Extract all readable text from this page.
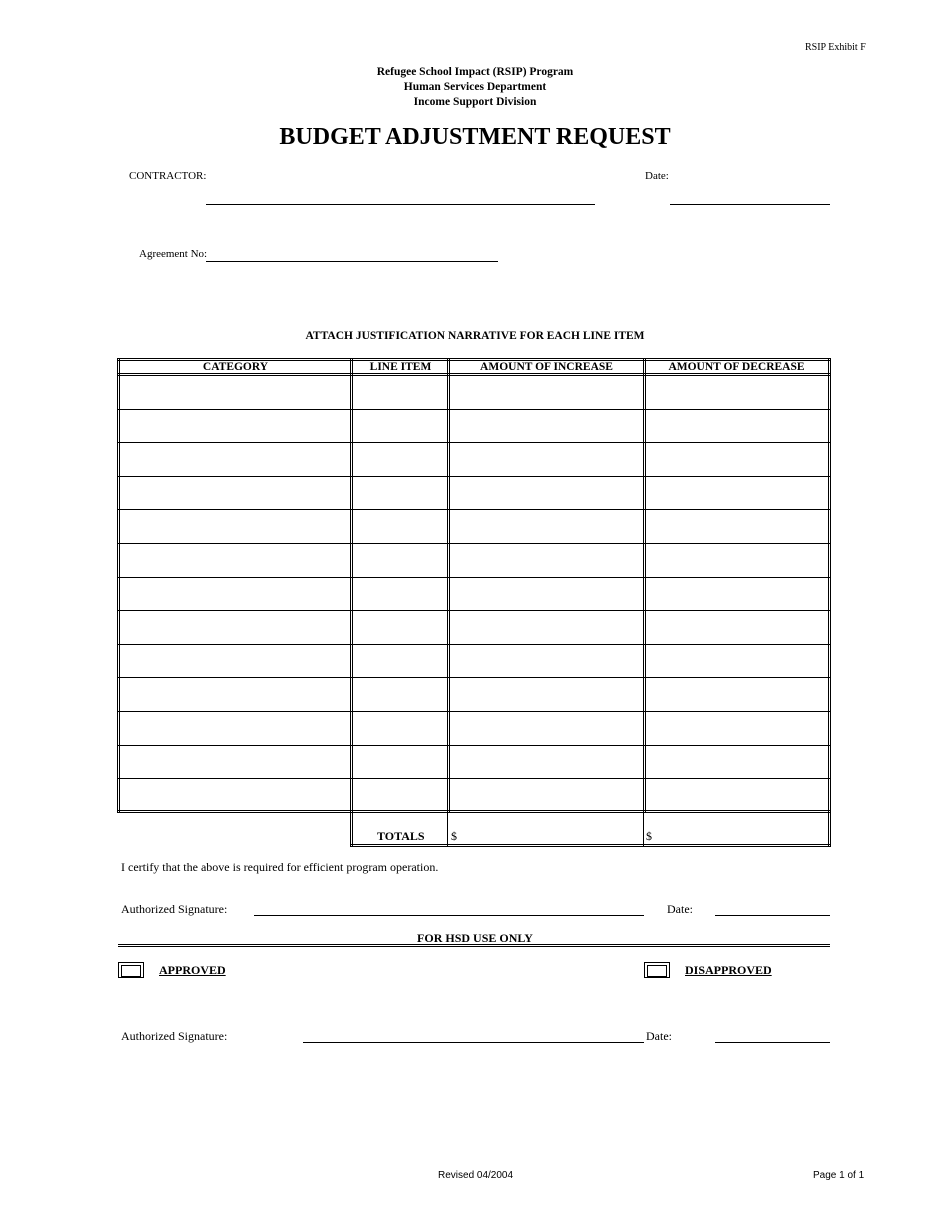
RSIP Exhibit F
Refugee School Impact (RSIP) Program
Human Services Department
Income Support Division
BUDGET ADJUSTMENT REQUEST
CONTRACTOR:	Date:
Agreement No:
ATTACH JUSTIFICATION NARRATIVE FOR EACH LINE ITEM
CATEGORY	LINE ITEM	AMOUNT OF INCREASE	AMOUNT OF DECREASE
TOTALS $	$
I certify that the above is required for efficient program operation.
Authorized Signature:	Date:
FOR HSD USE ONLY
APPROVED	DISAPPROVED
Authorized Signature:	Date:
Revised 04/2004	Page 1 of 1
